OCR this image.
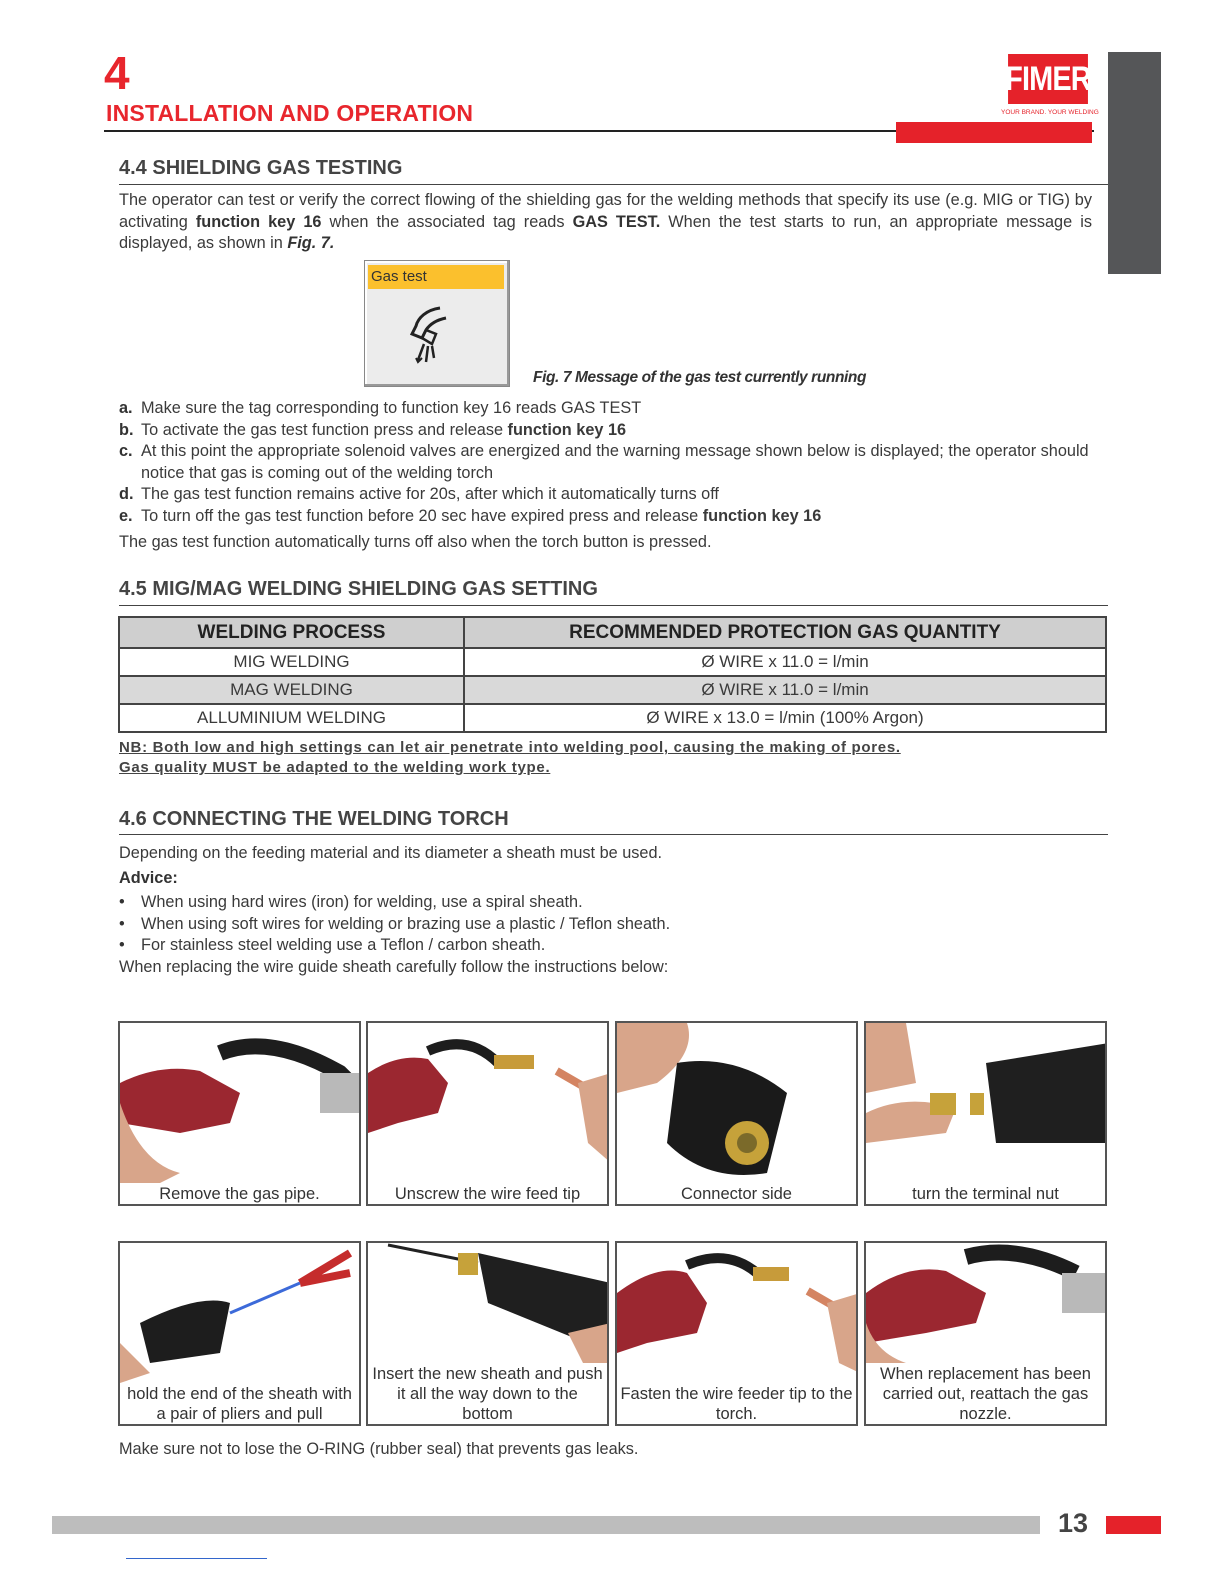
4
INSTALLATION AND OPERATION
FIMER
YOUR BRAND. YOUR WELDING
4.4 SHIELDING GAS TESTING
The operator can test or verify the correct flowing of the shielding gas for the welding methods that specify its use (e.g. MIG or TIG) by activating function key 16 when the associated tag reads GAS TEST. When the test starts to run, an appropriate message is displayed, as shown in Fig. 7.
Gas test
Fig. 7 Message of the gas test currently running
a. Make sure the tag corresponding to function key 16 reads GAS TEST
b. To activate the gas test function press and release function key 16
c. At this point the appropriate solenoid valves are energized and the warning message shown below is displayed; the operator should notice that gas is coming out of the welding torch
d. The gas test function remains active for 20s, after which it automatically turns off
e. To turn off the gas test function before 20 sec have expired press and release function key 16
The gas test function automatically turns off also when the torch button is pressed.
4.5 MIG/MAG WELDING SHIELDING GAS SETTING
WELDING PROCESS	RECOMMENDED PROTECTION GAS QUANTITY
MIG WELDING	Ø WIRE x 11.0 = l/min
MAG WELDING	Ø WIRE x 11.0 = l/min
ALLUMINIUM WELDING	Ø WIRE x 13.0 = l/min (100% Argon)
NB: Both low and high settings can let air penetrate into welding pool, causing the making of pores.
Gas quality MUST be adapted to the welding work type.
4.6 CONNECTING THE WELDING TORCH
Depending on the feeding material and its diameter a sheath must be used.
Advice:
• When using hard wires (iron) for welding, use a spiral sheath.
• When using soft wires for welding or brazing use a plastic / Teflon sheath.
• For stainless steel welding use a Teflon / carbon sheath.
When replacing the wire guide sheath carefully follow the instructions below:
Remove the gas pipe.	Unscrew the wire feed tip	Connector side	turn the terminal nut
hold the end of the sheath with a pair of pliers and pull
Insert the new sheath and push it all the way down to the bottom
Fasten the wire feeder tip to the torch.
When replacement has been carried out, reattach the gas nozzle.
Make sure not to lose the O-RING (rubber seal) that prevents gas leaks.
13
